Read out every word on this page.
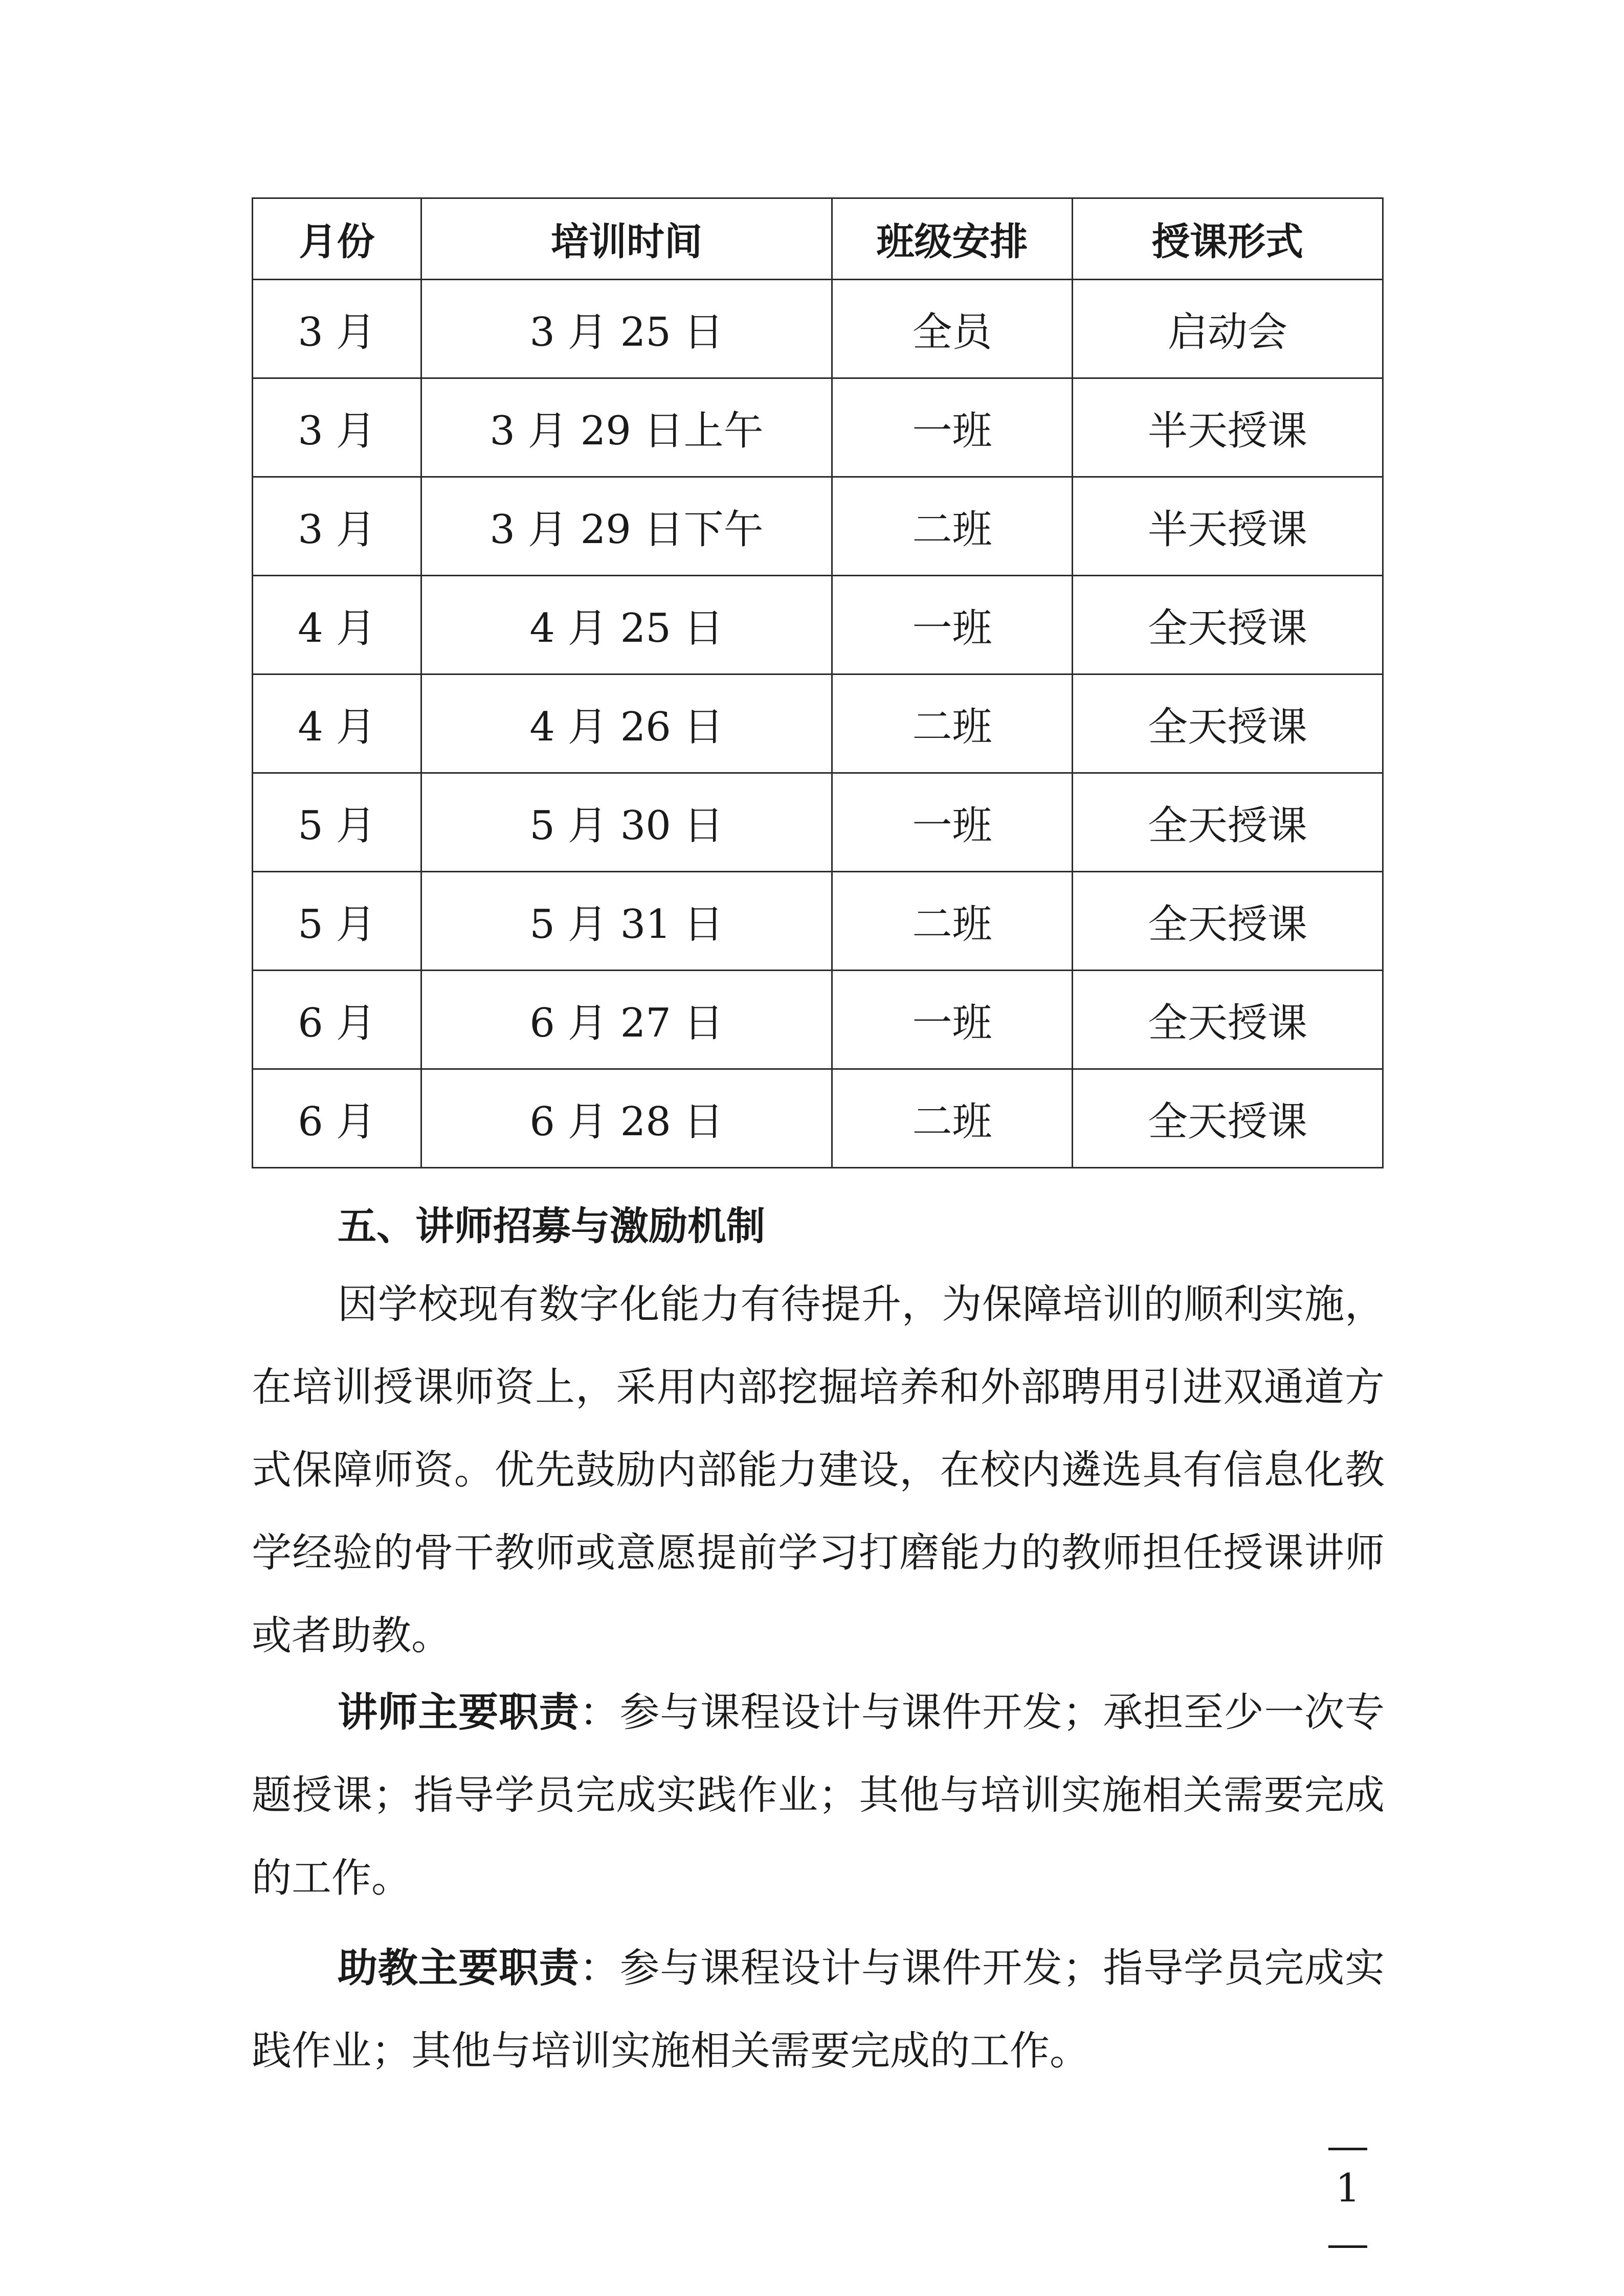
月份	培训时间	班级安排	授课形式
3 月	3 月 25 日	全员	启动会
3 月	3 月 29 日上午	一班	半天授课
3 月	3 月 29 日下午	二班	半天授课
4 月	4 月 25 日	一班	全天授课
4 月	4 月 26 日	二班	全天授课
5 月	5 月 30 日	一班	全天授课
5 月	5 月 31 日	二班	全天授课
6 月	6 月 27 日	一班	全天授课
6 月	6 月 28 日	二班	全天授课
五、讲师招募与激励机制

因学校现有数字化能力有待提升，为保障培训的顺利实施，在培训授课师资上，采用内部挖掘培养和外部聘用引进双通道方式保障师资。优先鼓励内部能力建设，在校内遴选具有信息化教学经验的骨干教师或意愿提前学习打磨能力的教师担任授课讲师或者助教。

讲师主要职责：参与课程设计与课件开发；承担至少一次专题授课；指导学员完成实践作业；其他与培训实施相关需要完成的工作。

助教主要职责：参与课程设计与课件开发；指导学员完成实践作业；其他与培训实施相关需要完成的工作。

1
